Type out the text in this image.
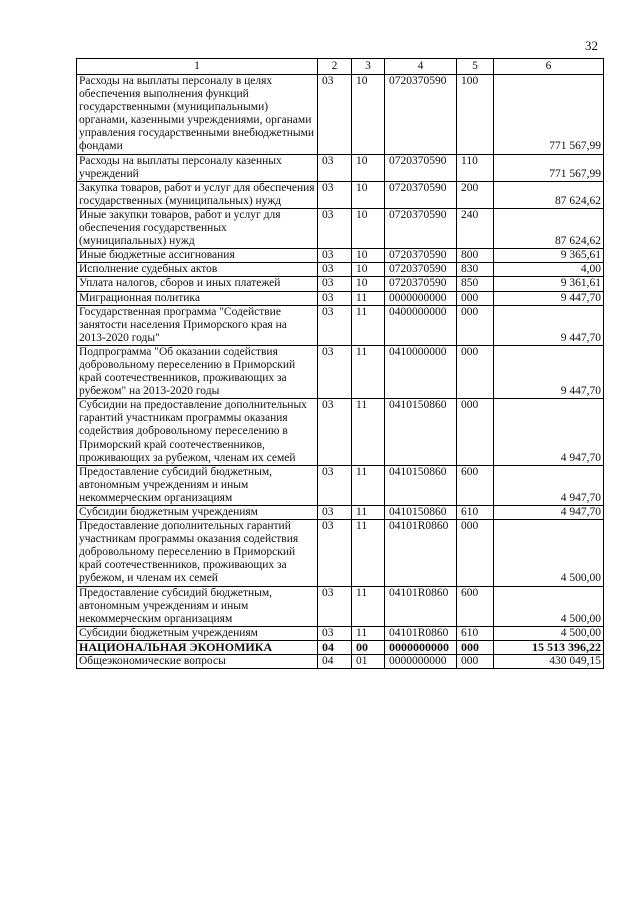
32
1	2	3	4	5	6
Расходы на выплаты персоналу в целях обеспечения выполнения функций государственными (муниципальными) органами, казенными учреждениями, органами управления государственными внебюджетными фондами	03	10	0720370590	100	771 567,99
Расходы на выплаты персоналу казенных учреждений	03	10	0720370590	110	771 567,99
Закупка товаров, работ и услуг для обеспечения государственных (муниципальных) нужд	03	10	0720370590	200	87 624,62
Иные закупки товаров, работ и услуг для обеспечения государственных (муниципальных) нужд	03	10	0720370590	240	87 624,62
Иные бюджетные ассигнования	03	10	0720370590	800	9 365,61
Исполнение судебных актов	03	10	0720370590	830	4,00
Уплата налогов, сборов и иных платежей	03	10	0720370590	850	9 361,61
Миграционная политика	03	11	0000000000	000	9 447,70
Государственная программа "Содействие занятости населения Приморского края на 2013-2020 годы"	03	11	0400000000	000	9 447,70
Подпрограмма "Об оказании содействия добровольному переселению в Приморский край соотечественников, проживающих за рубежом" на 2013-2020 годы	03	11	0410000000	000	9 447,70
Субсидии на предоставление дополнительных гарантий участникам программы оказания содействия добровольному переселению в Приморский край соотечественников, проживающих за рубежом, членам их семей	03	11	0410150860	000	4 947,70
Предоставление субсидий бюджетным, автономным учреждениям и иным некоммерческим организациям	03	11	0410150860	600	4 947,70
Субсидии бюджетным учреждениям	03	11	0410150860	610	4 947,70
Предоставление дополнительных гарантий участникам программы оказания содействия добровольному переселению в Приморский край соотечественников, проживающих за рубежом, и членам их семей	03	11	04101R0860	000	4 500,00
Предоставление субсидий бюджетным, автономным учреждениям и иным некоммерческим организациям	03	11	04101R0860	600	4 500,00
Субсидии бюджетным учреждениям	03	11	04101R0860	610	4 500,00
НАЦИОНАЛЬНАЯ ЭКОНОМИКА	04	00	0000000000	000	15 513 396,22
Общеэкономические вопросы	04	01	0000000000	000	430 049,15
